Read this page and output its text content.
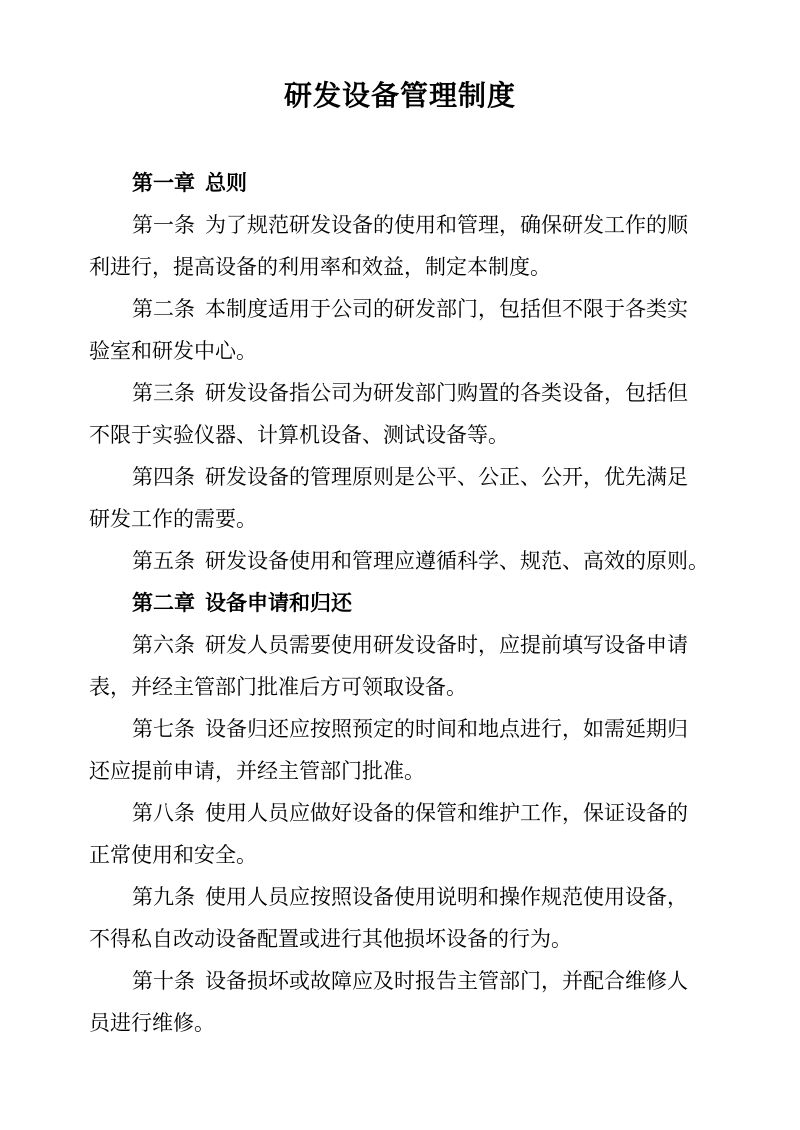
研发设备管理制度

第一章 总则

第一条 为了规范研发设备的使用和管理，确保研发工作的顺
利进行，提高设备的利用率和效益，制定本制度。
第二条 本制度适用于公司的研发部门，包括但不限于各类实
验室和研发中心。
第三条 研发设备指公司为研发部门购置的各类设备，包括但
不限于实验仪器、计算机设备、测试设备等。
第四条 研发设备的管理原则是公平、公正、公开，优先满足
研发工作的需要。
第五条 研发设备使用和管理应遵循科学、规范、高效的原则。

第二章 设备申请和归还

第六条 研发人员需要使用研发设备时，应提前填写设备申请
表，并经主管部门批准后方可领取设备。
第七条 设备归还应按照预定的时间和地点进行，如需延期归
还应提前申请，并经主管部门批准。
第八条 使用人员应做好设备的保管和维护工作，保证设备的
正常使用和安全。
第九条 使用人员应按照设备使用说明和操作规范使用设备，
不得私自改动设备配置或进行其他损坏设备的行为。
第十条 设备损坏或故障应及时报告主管部门，并配合维修人
员进行维修。
